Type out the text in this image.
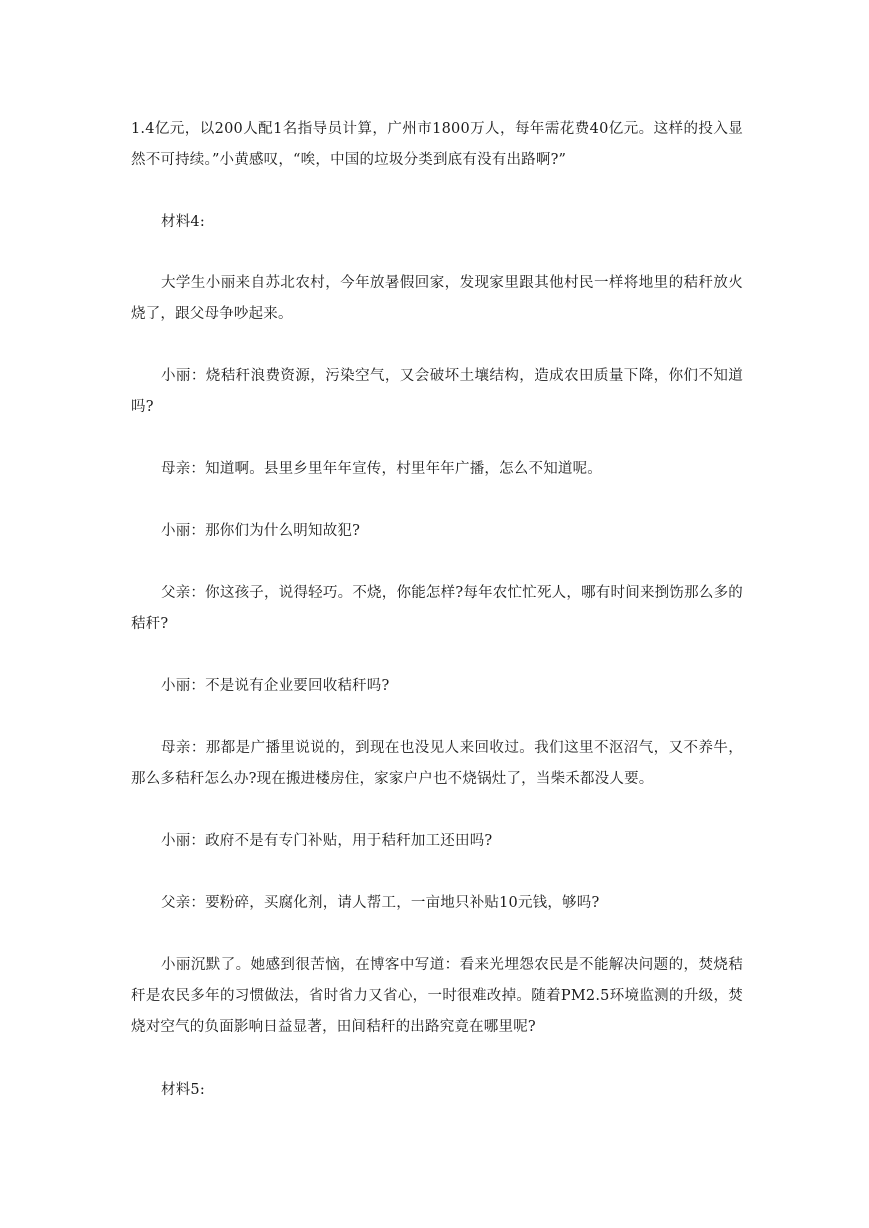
1.4亿元，以200人配1名指导员计算，广州市1800万人，每年需花费40亿元。这样的投入显然不可持续。”小黄感叹，“唉，中国的垃圾分类到底有没有出路啊?”

材料4:

大学生小丽来自苏北农村，今年放暑假回家，发现家里跟其他村民一样将地里的秸秆放火烧了，跟父母争吵起来。

小丽：烧秸秆浪费资源，污染空气，又会破坏土壤结构，造成农田质量下降，你们不知道吗?

母亲：知道啊。县里乡里年年宣传，村里年年广播，怎么不知道呢。

小丽：那你们为什么明知故犯?

父亲：你这孩子，说得轻巧。不烧，你能怎样?每年农忙忙死人，哪有时间来捯饬那么多的秸秆?

小丽：不是说有企业要回收秸秆吗?

母亲：那都是广播里说说的，到现在也没见人来回收过。我们这里不沤沼气，又不养牛，那么多秸秆怎么办?现在搬进楼房住，家家户户也不烧锅灶了，当柴禾都没人要。

小丽：政府不是有专门补贴，用于秸秆加工还田吗?

父亲：要粉碎，买腐化剂，请人帮工，一亩地只补贴10元钱，够吗?

小丽沉默了。她感到很苦恼，在博客中写道：看来光埋怨农民是不能解决问题的，焚烧秸秆是农民多年的习惯做法，省时省力又省心，一时很难改掉。随着PM2.5环境监测的升级，焚烧对空气的负面影响日益显著，田间秸秆的出路究竟在哪里呢?

材料5:
